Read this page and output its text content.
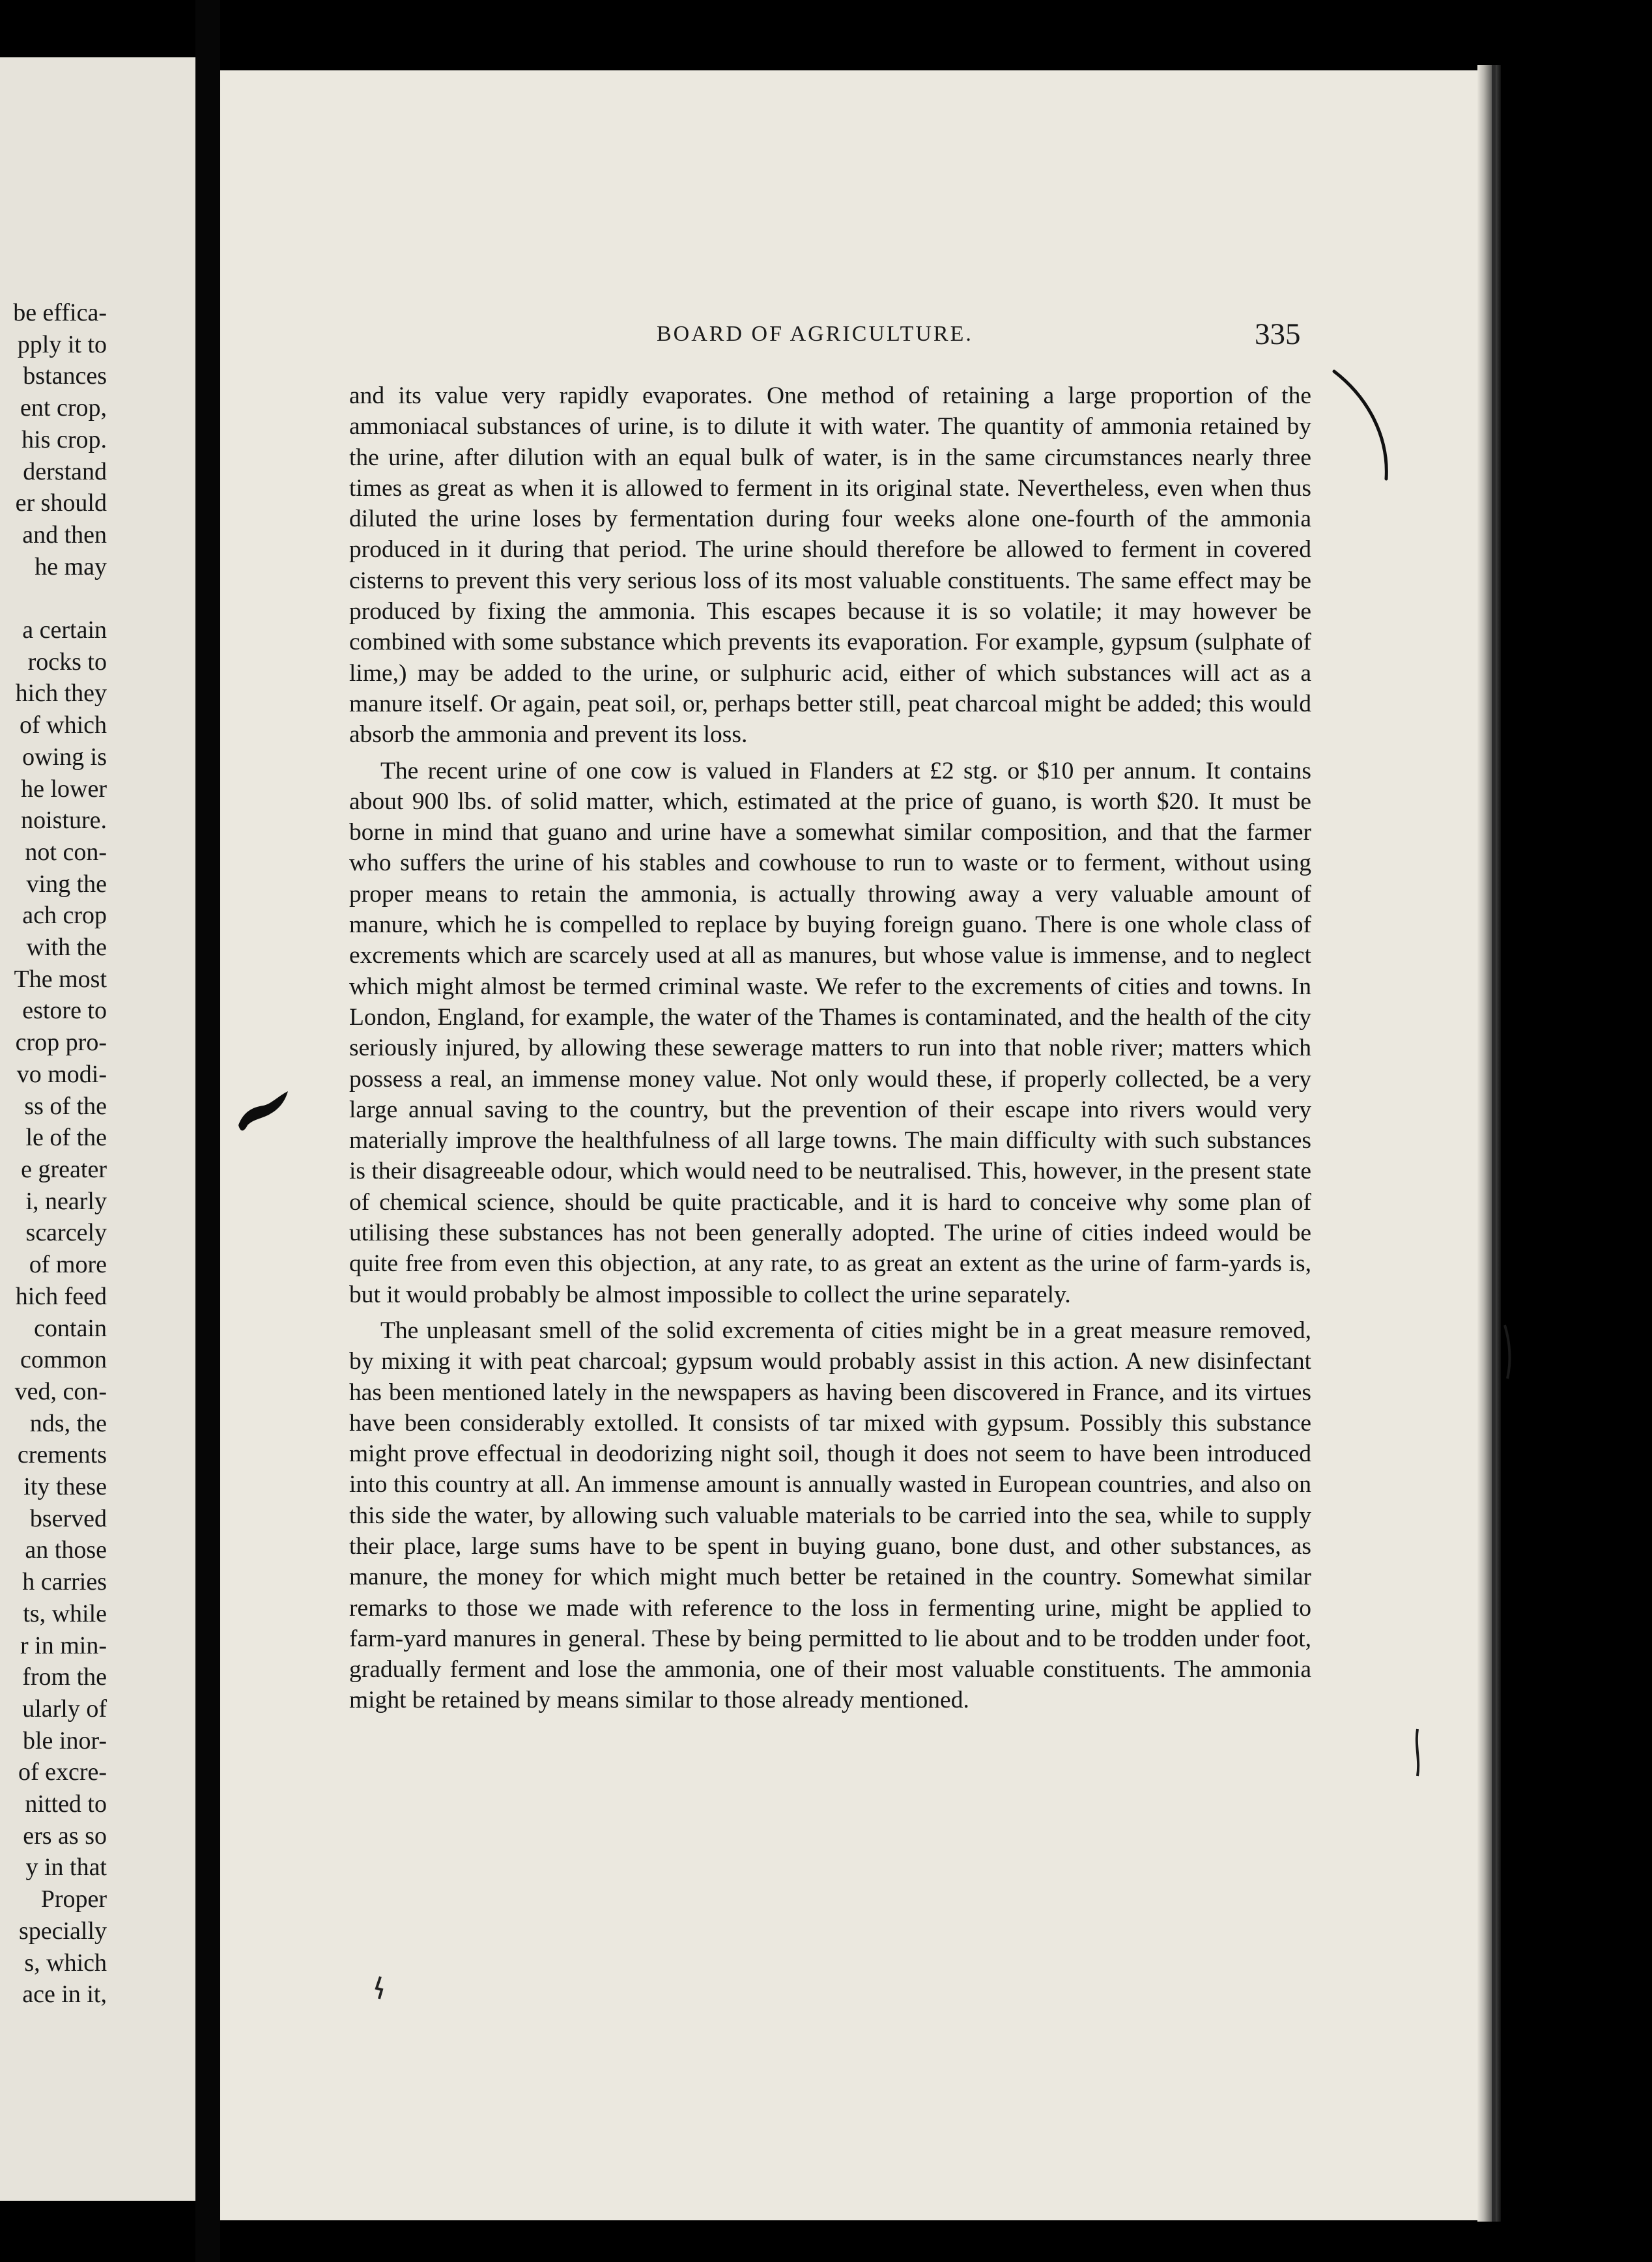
be effica-
pply it to
bstances
ent crop,
his crop.
derstand
er should
and then
he may

a certain
rocks to
hich they
of which
owing is
he lower
noisture.
not con-
ving the
ach crop
with the
The most
estore to
crop pro-
vo modi-
ss of the
le of the
e greater
i, nearly
scarcely
of more
hich feed
contain
common
ved, con-
nds, the
crements
ity these
bserved
an those
h carries
ts, while
r in min-
from the
ularly of
ble inor-
of excre-
nitted to
ers as so
y in that
Proper
specially
s, which
ace in it,
BOARD OF AGRICULTURE.	335

and its value very rapidly evaporates. One method of retaining a large proportion of the ammoniacal substances of urine, is to dilute it with water. The quantity of ammonia retained by the urine, after dilution with an equal bulk of water, is in the same circumstances nearly three times as great as when it is allowed to ferment in its original state. Nevertheless, even when thus diluted the urine loses by fermentation during four weeks alone one-fourth of the ammonia produced in it during that period. The urine should therefore be allowed to ferment in covered cisterns to prevent this very serious loss of its most valuable constituents. The same effect may be produced by fixing the ammonia. This escapes because it is so volatile; it may however be combined with some substance which prevents its evaporation. For example, gypsum (sulphate of lime,) may be added to the urine, or sulphuric acid, either of which substances will act as a manure itself. Or again, peat soil, or, perhaps better still, peat charcoal might be added; this would absorb the ammonia and prevent its loss.

The recent urine of one cow is valued in Flanders at £2 stg. or $10 per annum. It contains about 900 lbs. of solid matter, which, estimated at the price of guano, is worth $20. It must be borne in mind that guano and urine have a somewhat similar composition, and that the farmer who suffers the urine of his stables and cowhouse to run to waste or to ferment, without using proper means to retain the ammonia, is actually throwing away a very valuable amount of manure, which he is compelled to replace by buying foreign guano. There is one whole class of excrements which are scarcely used at all as manures, but whose value is immense, and to neglect which might almost be termed criminal waste. We refer to the excrements of cities and towns. In London, England, for example, the water of the Thames is contaminated, and the health of the city seriously injured, by allowing these sewerage matters to run into that noble river; matters which possess a real, an immense money value. Not only would these, if properly collected, be a very large annual saving to the country, but the prevention of their escape into rivers would very materially improve the healthfulness of all large towns. The main difficulty with such substances is their disagreeable odour, which would need to be neutralised. This, however, in the present state of chemical science, should be quite practicable, and it is hard to conceive why some plan of utilising these substances has not been generally adopted. The urine of cities indeed would be quite free from even this objection, at any rate, to as great an extent as the urine of farm-yards is, but it would probably be almost impossible to collect the urine separately.

The unpleasant smell of the solid excrementa of cities might be in a great measure removed, by mixing it with peat charcoal; gypsum would probably assist in this action. A new disinfectant has been mentioned lately in the newspapers as having been discovered in France, and its virtues have been considerably extolled. It consists of tar mixed with gypsum. Possibly this substance might prove effectual in deodorizing night soil, though it does not seem to have been introduced into this country at all. An immense amount is annually wasted in European countries, and also on this side the water, by allowing such valuable materials to be carried into the sea, while to supply their place, large sums have to be spent in buying guano, bone dust, and other substances, as manure, the money for which might much better be retained in the country. Somewhat similar remarks to those we made with reference to the loss in fermenting urine, might be applied to farm-yard manures in general. These by being permitted to lie about and to be trodden under foot, gradually ferment and lose the ammonia, one of their most valuable constituents. The ammonia might be retained by means similar to those already mentioned.
